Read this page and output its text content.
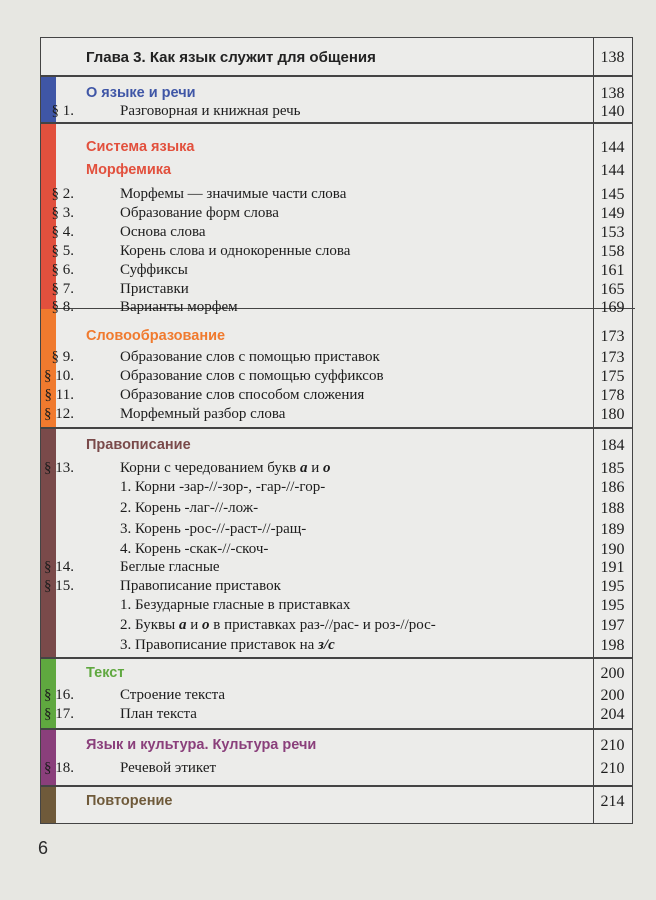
Глава 3. Как язык служит для общения	138
О языке и речи	138
§ 1.	Разговорная и книжная речь	140
Система языка	144
Морфемика	144
§ 2.	Морфемы — значимые части слова	145
§ 3.	Образование форм слова	149
§ 4.	Основа слова	153
§ 5.	Корень слова и однокоренные слова	158
§ 6.	Суффиксы	161
§ 7.	Приставки	165
§ 8.	Варианты морфем	169
Словообразование	173
§ 9.	Образование слов с помощью приставок	173
§ 10.	Образование слов с помощью суффиксов	175
§ 11.	Образование слов способом сложения	178
§ 12.	Морфемный разбор слова	180
Правописание	184
§ 13.	Корни с чередованием букв а и о	185
1. Корни -зар-//-зор-, -гар-//-гор-	186
2. Корень -лаг-//-лож-	188
3. Корень -рос-//-раст-//-ращ-	189
4. Корень -скак-//-скоч-	190
§ 14.	Беглые гласные	191
§ 15.	Правописание приставок	195
1. Безударные гласные в приставках	195
2. Буквы а и о в приставках раз-//рас- и роз-//рос-	197
3. Правописание приставок на з/с	198
Текст	200
§ 16.	Строение текста	200
§ 17.	План текста	204
Язык и культура. Культура речи	210
§ 18.	Речевой этикет	210
Повторение	214
6
